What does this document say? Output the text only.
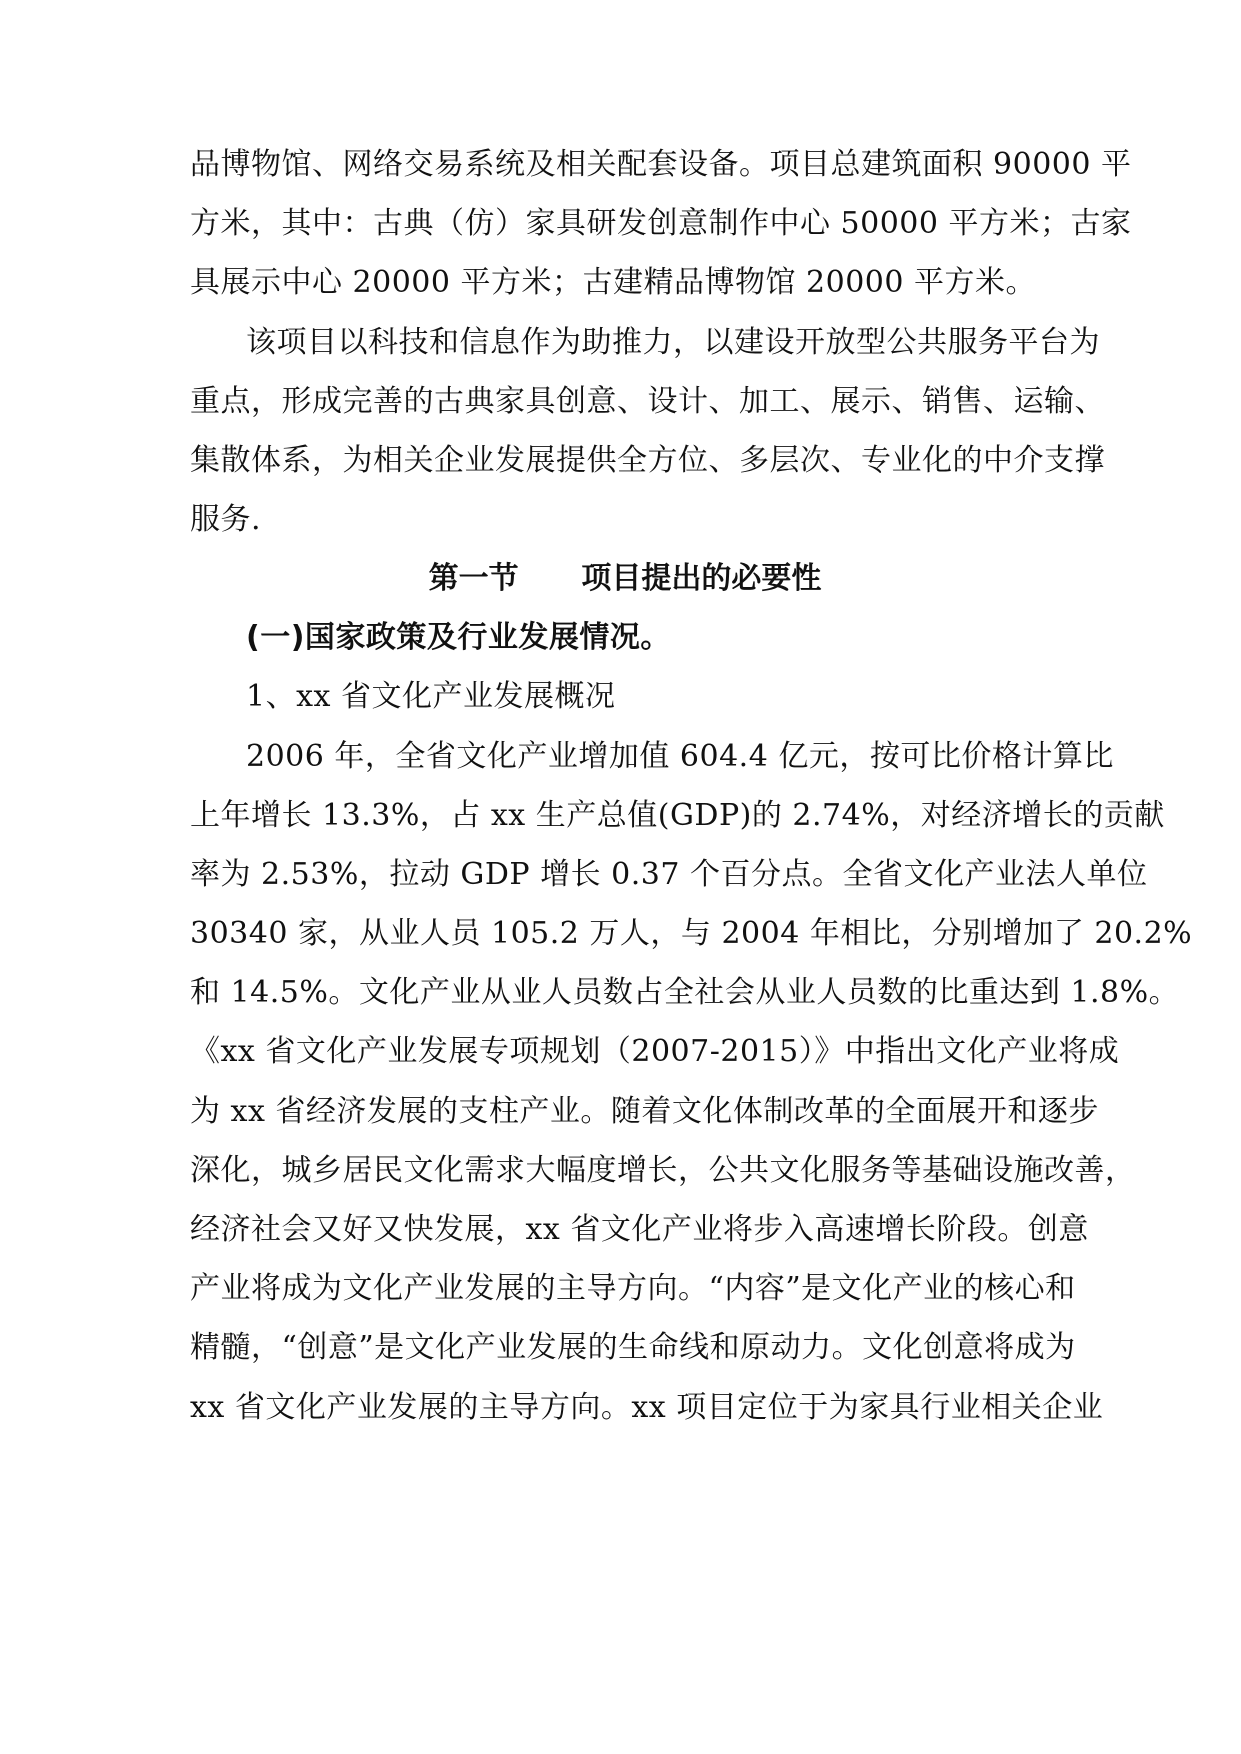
品博物馆、网络交易系统及相关配套设备。项目总建筑面积 90000 平
方米，其中：古典（仿）家具研发创意制作中心 50000 平方米；古家
具展示中心 20000 平方米；古建精品博物馆 20000 平方米。
该项目以科技和信息作为助推力，以建设开放型公共服务平台为
重点，形成完善的古典家具创意、设计、加工、展示、销售、运输、
集散体系，为相关企业发展提供全方位、多层次、专业化的中介支撑
服务.
第一节      项目提出的必要性
(一)国家政策及行业发展情况。
1、xx 省文化产业发展概况
2006 年，全省文化产业增加值 604.4 亿元，按可比价格计算比
上年增长 13.3%，占 xx 生产总值(GDP)的 2.74%，对经济增长的贡献
率为 2.53%，拉动 GDP 增长 0.37 个百分点。全省文化产业法人单位
30340 家，从业人员 105.2 万人，与 2004 年相比，分别增加了 20.2%
和 14.5%。文化产业从业人员数占全社会从业人员数的比重达到 1.8%。
《xx 省文化产业发展专项规划（2007-2015）》中指出文化产业将成
为 xx 省经济发展的支柱产业。随着文化体制改革的全面展开和逐步
深化，城乡居民文化需求大幅度增长，公共文化服务等基础设施改善，
经济社会又好又快发展，xx 省文化产业将步入高速增长阶段。创意
产业将成为文化产业发展的主导方向。“内容”是文化产业的核心和
精髓，“创意”是文化产业发展的生命线和原动力。文化创意将成为
xx 省文化产业发展的主导方向。xx 项目定位于为家具行业相关企业
